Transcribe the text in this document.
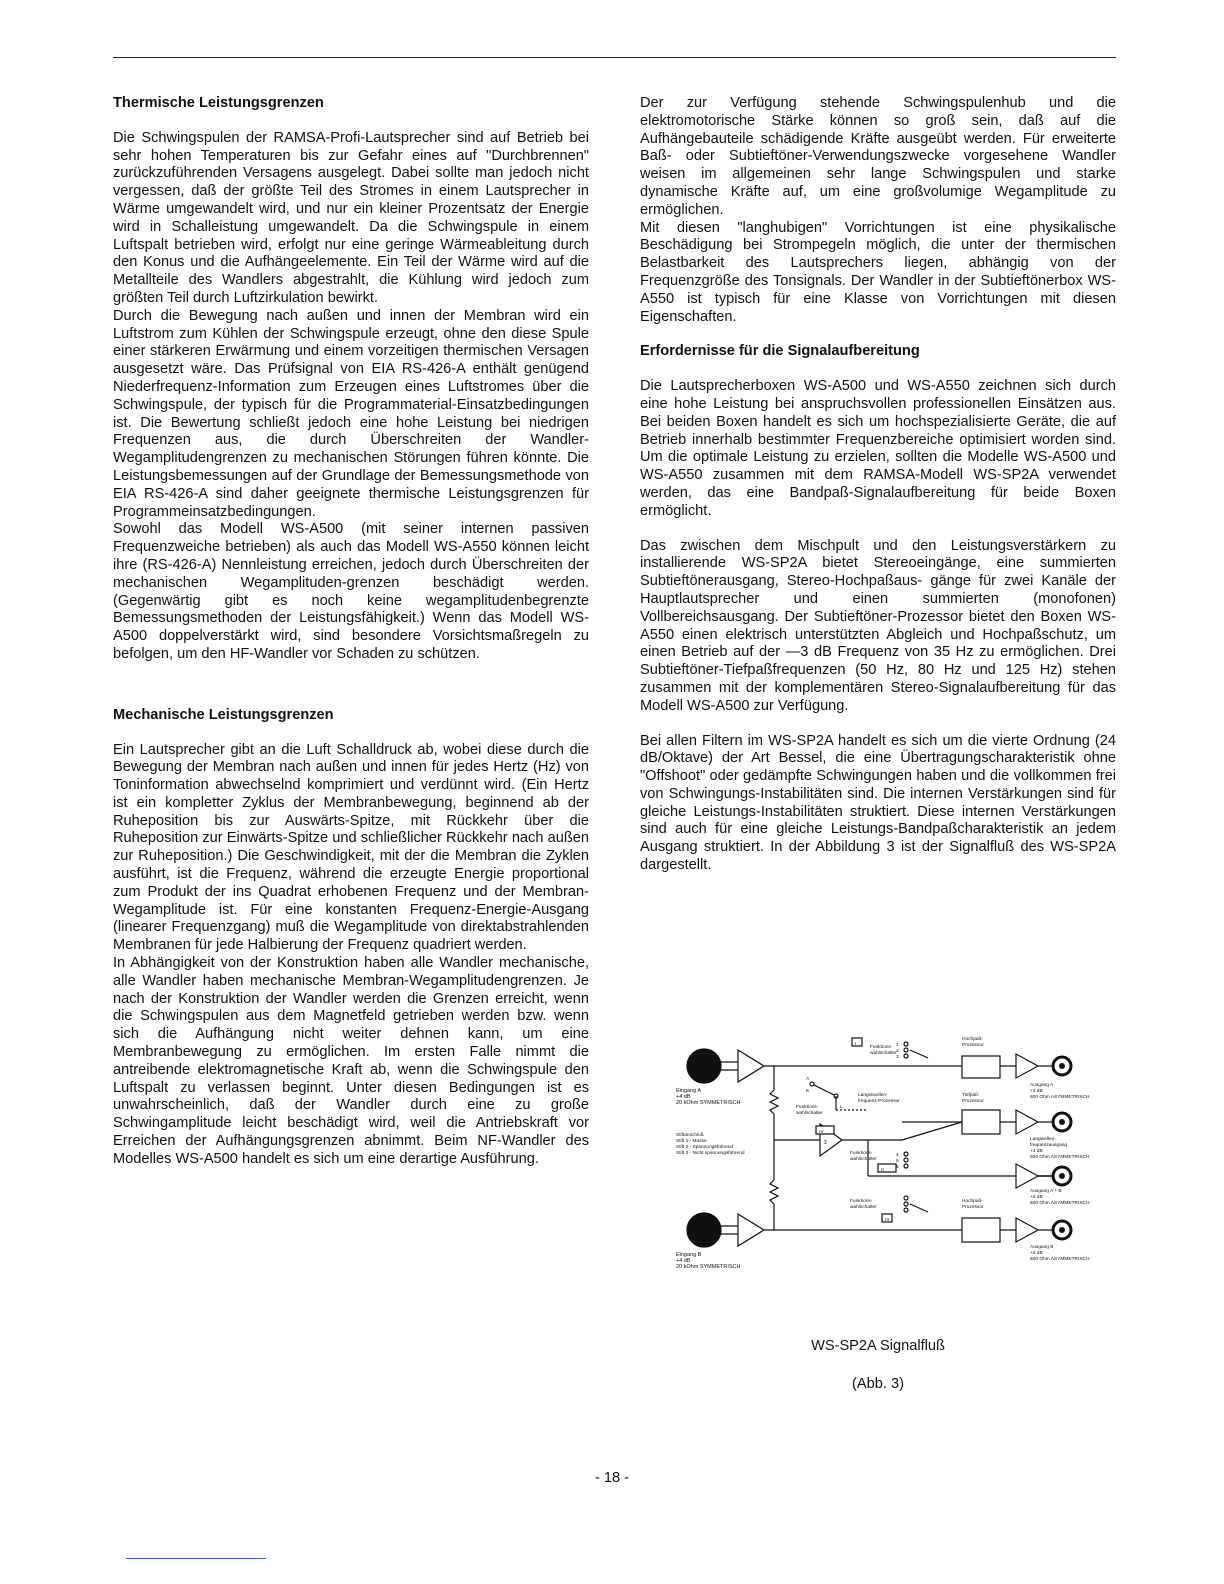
Thermische Leistungsgrenzen

Die Schwingspulen der RAMSA-Profi-Lautsprecher sind auf Betrieb bei sehr hohen Temperaturen bis zur Gefahr eines auf "Durchbrennen" zurückzuführenden Versagens ausgelegt. Dabei sollte man jedoch nicht vergessen, daß der größte Teil des Stromes in einem Lautsprecher in Wärme umgewandelt wird, und nur ein kleiner Prozentsatz der Energie wird in Schalleistung umgewandelt. Da die Schwingspule in einem Luftspalt betrieben wird, erfolgt nur eine geringe Wärmeableitung durch den Konus und die Aufhängeelemente. Ein Teil der Wärme wird auf die Metallteile des Wandlers abgestrahlt, die Kühlung wird jedoch zum größten Teil durch Luftzirkulation bewirkt.

Durch die Bewegung nach außen und innen der Membran wird ein Luftstrom zum Kühlen der Schwingspule erzeugt, ohne den diese Spule einer stärkeren Erwärmung und einem vorzeitigen thermischen Versagen ausgesetzt wäre. Das Prüfsignal von EIA RS-426-A enthält genügend Niederfrequenz-Information zum Erzeugen eines Luftstromes über die Schwingspule, der typisch für die Programmaterial-Einsatzbedingungen ist. Die Bewertung schließt jedoch eine hohe Leistung bei niedrigen Frequenzen aus, die durch Überschreiten der Wandler-Wegamplitudengrenzen zu mechanischen Störungen führen könnte. Die Leistungsbemessungen auf der Grundlage der Bemessungsmethode von EIA RS-426-A sind daher geeignete thermische Leistungsgrenzen für Programmeinsatzbedingungen.

Sowohl das Modell WS-A500 (mit seiner internen passiven Frequenzweiche betrieben) als auch das Modell WS-A550 können leicht ihre (RS-426-A) Nennleistung erreichen, jedoch durch Überschreiten der mechanischen Wegamplituden-grenzen beschädigt werden. (Gegenwärtig gibt es noch keine wegamplitudenbegrenzte Bemessungsmethoden der Leistungsfähigkeit.) Wenn das Modell WS-A500 doppelverstärkt wird, sind besondere Vorsichtsmaßregeln zu befolgen, um den HF-Wandler vor Schaden zu schützen.

Mechanische Leistungsgrenzen

Ein Lautsprecher gibt an die Luft Schalldruck ab, wobei diese durch die Bewegung der Membran nach außen und innen für jedes Hertz (Hz) von Toninformation abwechselnd komprimiert und verdünnt wird. (Ein Hertz ist ein kompletter Zyklus der Membranbewegung, beginnend ab der Ruheposition bis zur Auswärts-Spitze, mit Rückkehr über die Ruheposition zur Einwärts-Spitze und schließlicher Rückkehr nach außen zur Ruheposition.) Die Geschwindigkeit, mit der die Membran die Zyklen ausführt, ist die Frequenz, während die erzeugte Energie proportional zum Produkt der ins Quadrat erhobenen Frequenz und der Membran-Wegamplitude ist. Für eine konstanten Frequenz-Energie-Ausgang (linearer Frequenzgang) muß die Wegamplitude von direktabstrahlenden Membranen für jede Halbierung der Frequenz quadriert werden.

In Abhängigkeit von der Konstruktion haben alle Wandler mechanische, alle Wandler haben mechanische Membran-Wegamplitudengrenzen. Je nach der Konstruktion der Wandler werden die Grenzen erreicht, wenn die Schwingspulen aus dem Magnetfeld getrieben werden bzw. wenn sich die Aufhängung nicht weiter dehnen kann, um eine Membranbewegung zu ermöglichen. Im ersten Falle nimmt die antreibende elektromagnetische Kraft ab, wenn die Schwingspule den Luftspalt zu verlassen beginnt. Unter diesen Bedingungen ist es unwahrscheinlich, daß der Wandler durch eine zu große Schwingamplitude leicht beschädigt wird, weil die Antriebskraft vor Erreichen der Aufhängungsgrenzen abnimmt. Beim NF-Wandler des Modelles WS-A500 handelt es sich um eine derartige Ausführung.

Der zur Verfügung stehende Schwingspulenhub und die elektromotorische Stärke können so groß sein, daß auf die Aufhängebauteile schädigende Kräfte ausgeübt werden. Für erweiterte Baß- oder Subtieftöner-Verwendungszwecke vorgesehene Wandler weisen im allgemeinen sehr lange Schwingspulen und starke dynamische Kräfte auf, um eine großvolumige Wegamplitude zu ermöglichen.

Mit diesen "langhubigen" Vorrichtungen ist eine physikalische Beschädigung bei Strompegeln möglich, die unter der thermischen Belastbarkeit des Lautsprechers liegen, abhängig von der Frequenzgröße des Tonsignals. Der Wandler in der Subtieftönerbox WS-A550 ist typisch für eine Klasse von Vorrichtungen mit diesen Eigenschaften.

Erfordernisse für die Signalaufbereitung

Die Lautsprecherboxen WS-A500 und WS-A550 zeichnen sich durch eine hohe Leistung bei anspruchsvollen professionellen Einsätzen aus. Bei beiden Boxen handelt es sich um hochspezialisierte Geräte, die auf Betrieb innerhalb bestimmter Frequenzbereiche optimisiert worden sind. Um die optimale Leistung zu erzielen, sollten die Modelle WS-A500 und WS-A550 zusammen mit dem RAMSA-Modell WS-SP2A verwendet werden, das eine Bandpaß-Signalaufbereitung für beide Boxen ermöglicht.

Das zwischen dem Mischpult und den Leistungsverstärkern zu installierende WS-SP2A bietet Stereoeingänge, eine summierten Subtieftönerausgang, Stereo-Hochpaßaus- gänge für zwei Kanäle der Hauptlautsprecher und einen summierten (monofonen) Vollbereichsausgang. Der Subtieftöner-Prozessor bietet den Boxen WS-A550 einen elektrisch unterstützten Abgleich und Hochpaßschutz, um einen Betrieb auf der —3 dB Frequenz von 35 Hz zu ermöglichen. Drei Subtieftöner-Tiefpaßfrequenzen (50 Hz, 80 Hz und 125 Hz) stehen zusammen mit der komplementären Stereo-Signalaufbereitung für das Modell WS-A500 zur Verfügung.

Bei allen Filtern im WS-SP2A handelt es sich um die vierte Ordnung (24 dB/Oktave) der Art Bessel, die eine Übertragungscharakteristik ohne "Offshoot" oder gedämpfte Schwingungen haben und die vollkommen frei von Schwingungs-Instabilitäten sind. Die internen Verstärkungen sind für gleiche Leistungs-Instabilitäten struktiert. Diese internen Verstärkungen sind auch für eine gleiche Leistungs-Bandpaßcharakteristik an jedem Ausgang struktiert. In der Abbildung 3 ist der Signalfluß des WS-SP2A dargestellt.

Eingang A
+4 dB
20 kOhm SYMMETRISCH
Eingang B
+4 dB
20 kOhm SYMMETRISCH
Stiftanschluß
Stift 1 - Masse
Stift 2 - Spannungsführend
Stift 3 - Nicht spannungsführend
Funktions-
wahlschalter
I	1
2
3
A
K
L
Funktions-
wahlschalter
IV
Langstwellen-
frequenz-Prozessor
Σ
Funktions-
wahlschalter
II
4
5
6
Funktions-
wahlschalter
III
Hochpaß-
Prozessor
Tiefpaß-
Prozessor
Hochpaß-
Prozessor
Ausgang A
+4 dB
600 Ohm ASYMMETRISCH
Langwellen-
frequenzausgang
+4 dB
600 Ohm ASYMMETRISCH
Ausgang A + B
+4 dB
600 Ohm ASYMMETRISCH
Ausgang B
+4 dB
600 Ohm ASYMMETRISCH
WS-SP2A Signalfluß
(Abb. 3)
- 18 -
